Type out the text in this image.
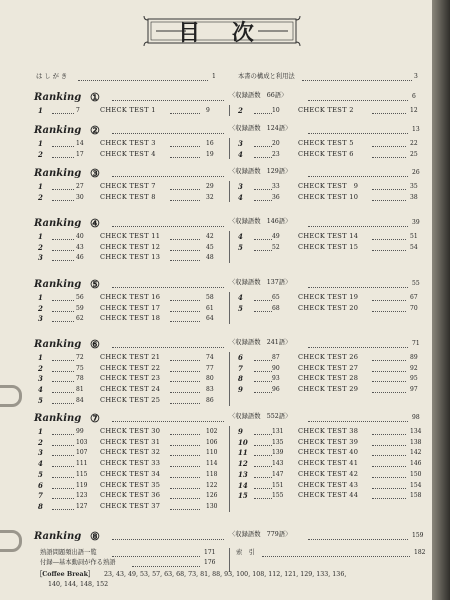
目 次
は し が き	1	本書の構成と利用法	3
Ranking ①	〈収録語数　66語〉	6
1	7	CHECK TEST 1	9	2	10	CHECK TEST 2	12
Ranking ②	〈収録語数　124語〉	13
1	14 CHECK TEST 3	16	3	20	CHECK TEST 5	22
2	17 CHECK TEST 4	19	4	23	CHECK TEST 6	25
Ranking ③	〈収録語数　129語〉	26
1	27 CHECK TEST 7	29	3	33	CHECK TEST　9	35
2	30 CHECK TEST 8	32	4	36	CHECK TEST 10	38
Ranking ④	〈収録語数　146語〉	39
1	40 CHECK TEST 11	42	4	49	CHECK TEST 14	51
2	43 CHECK TEST 12	45	5	52	CHECK TEST 15	54
3	46 CHECK TEST 13	48
Ranking ⑤	〈収録語数　137語〉	55
1	56 CHECK TEST 16	58	4	65	CHECK TEST 19	67
2	59 CHECK TEST 17	61	5	68	CHECK TEST 20	70
3	62 CHECK TEST 18	64
Ranking ⑥	〈収録語数　241語〉	71
1	72 CHECK TEST 21	74	6	87	CHECK TEST 26	89
2	75 CHECK TEST 22	77	7	90	CHECK TEST 27	92
3	78 CHECK TEST 23	80	8	93	CHECK TEST 28	95
4	81 CHECK TEST 24	83	9	96	CHECK TEST 29	97
5	84 CHECK TEST 25	86
Ranking ⑦	〈収録語数　552語〉	98
1	99 CHECK TEST 30	102	9	131 CHECK TEST 38	134
2	103 CHECK TEST 31	106	10	135 CHECK TEST 39	138
3	107 CHECK TEST 32	110	11	139 CHECK TEST 40	142
4	111 CHECK TEST 33	114	12	143 CHECK TEST 41	146
5	115 CHECK TEST 34	118	13	147 CHECK TEST 42	150
6	119 CHECK TEST 35	122	14	151 CHECK TEST 43	154
7	123 CHECK TEST 36	126	15	155 CHECK TEST 44	158
8	127 CHECK TEST 37	130
Ranking ⑧	〈収録語数　779語〉	159
熟語問題頻出語一覧	171
付録―基本動詞が作る熟語	176
索　引	182
［Coffee Break］ 23, 43, 49, 53, 57, 63, 68, 73, 81, 88, 93, 100, 108, 112, 121, 129, 133, 136,
140, 144, 148, 152
